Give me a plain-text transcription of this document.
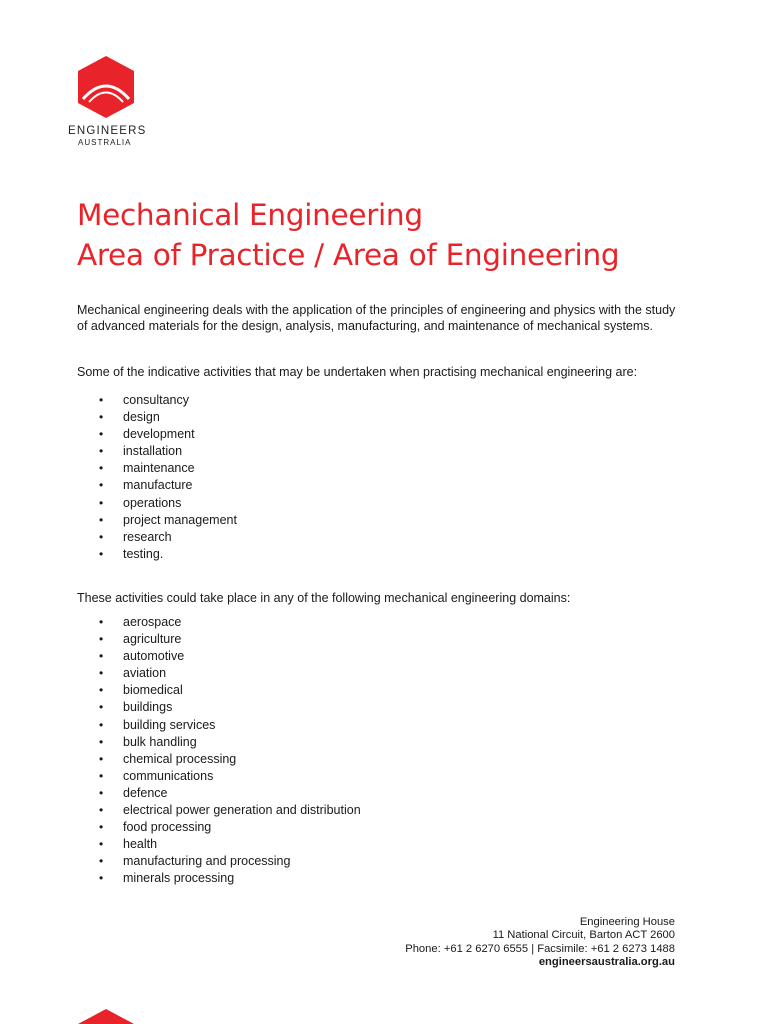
ENGINEERS
AUSTRALIA
Mechanical Engineering
Area of Practice / Area of Engineering

Mechanical engineering deals with the application of the principles of engineering and physics with the study of advanced materials for the design, analysis, manufacturing, and maintenance of mechanical systems.

Some of the indicative activities that may be undertaken when practising mechanical engineering are:

• consultancy
• design
• development
• installation
• maintenance
• manufacture
• operations
• project management
• research
• testing.

These activities could take place in any of the following mechanical engineering domains:

• aerospace
• agriculture
• automotive
• aviation
• biomedical
• buildings
• building services
• bulk handling
• chemical processing
• communications
• defence
• electrical power generation and distribution
• food processing
• health
• manufacturing and processing
• minerals processing
Engineering House
11 National Circuit, Barton ACT 2600
Phone: +61 2 6270 6555 | Facsimile: +61 2 6273 1488
engineersaustralia.org.au
